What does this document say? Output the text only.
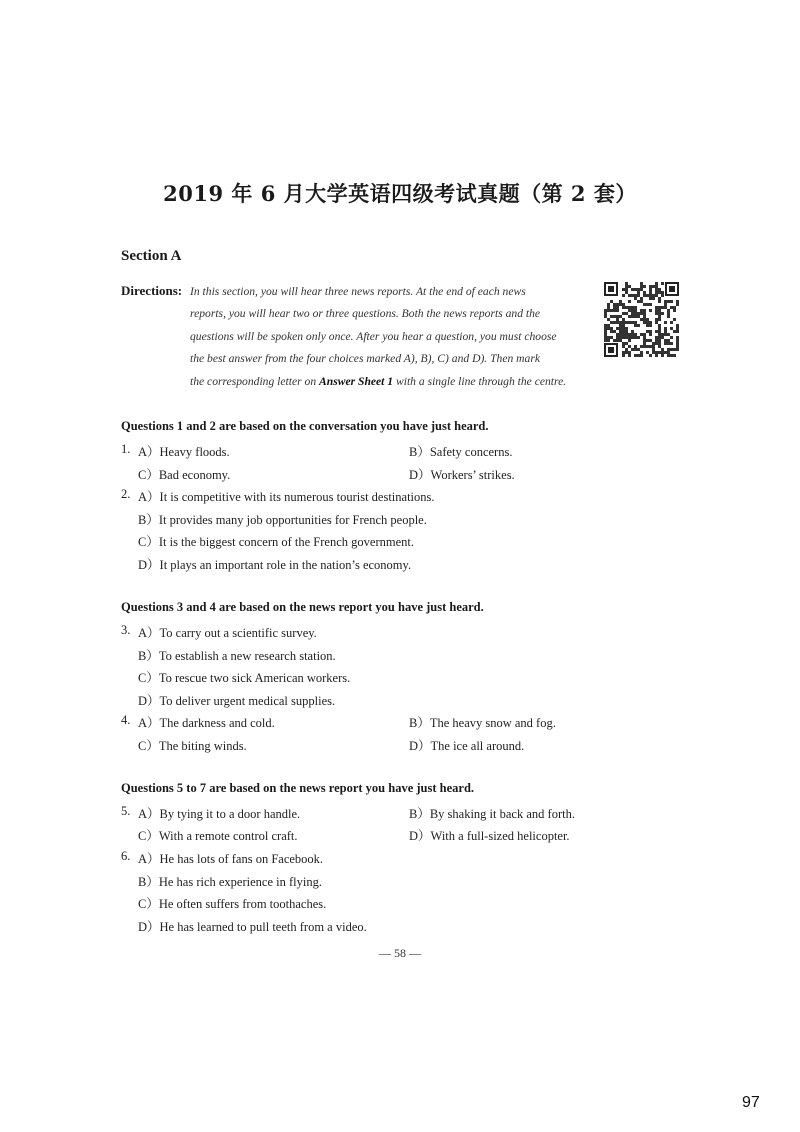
2019 年 6 月大学英语四级考试真题（第 2 套）
Section A
Directions: In this section, you will hear three news reports. At the end of each news
reports, you will hear two or three questions. Both the news reports and the
questions will be spoken only once. After you hear a question, you must choose
the best answer from the four choices marked A), B), C) and D). Then mark
the corresponding letter on Answer Sheet 1 with a single line through the centre.
Questions 1 and 2 are based on the conversation you have just heard.
1. A）Heavy floods.	B）Safety concerns.
C）Bad economy.	D）Workers’ strikes.
2. A）It is competitive with its numerous tourist destinations.
B）It provides many job opportunities for French people.
C）It is the biggest concern of the French government.
D）It plays an important role in the nation’s economy.
Questions 3 and 4 are based on the news report you have just heard.
3. A）To carry out a scientific survey.
B）To establish a new research station.
C）To rescue two sick American workers.
D）To deliver urgent medical supplies.
4. A）The darkness and cold.	B）The heavy snow and fog.
C）The biting winds.	D）The ice all around.
Questions 5 to 7 are based on the news report you have just heard.
5. A）By tying it to a door handle.	B）By shaking it back and forth.
C）With a remote control craft.	D）With a full-sized helicopter.
6. A）He has lots of fans on Facebook.
B）He has rich experience in flying.
C）He often suffers from toothaches.
D）He has learned to pull teeth from a video.
— 58 —
97
